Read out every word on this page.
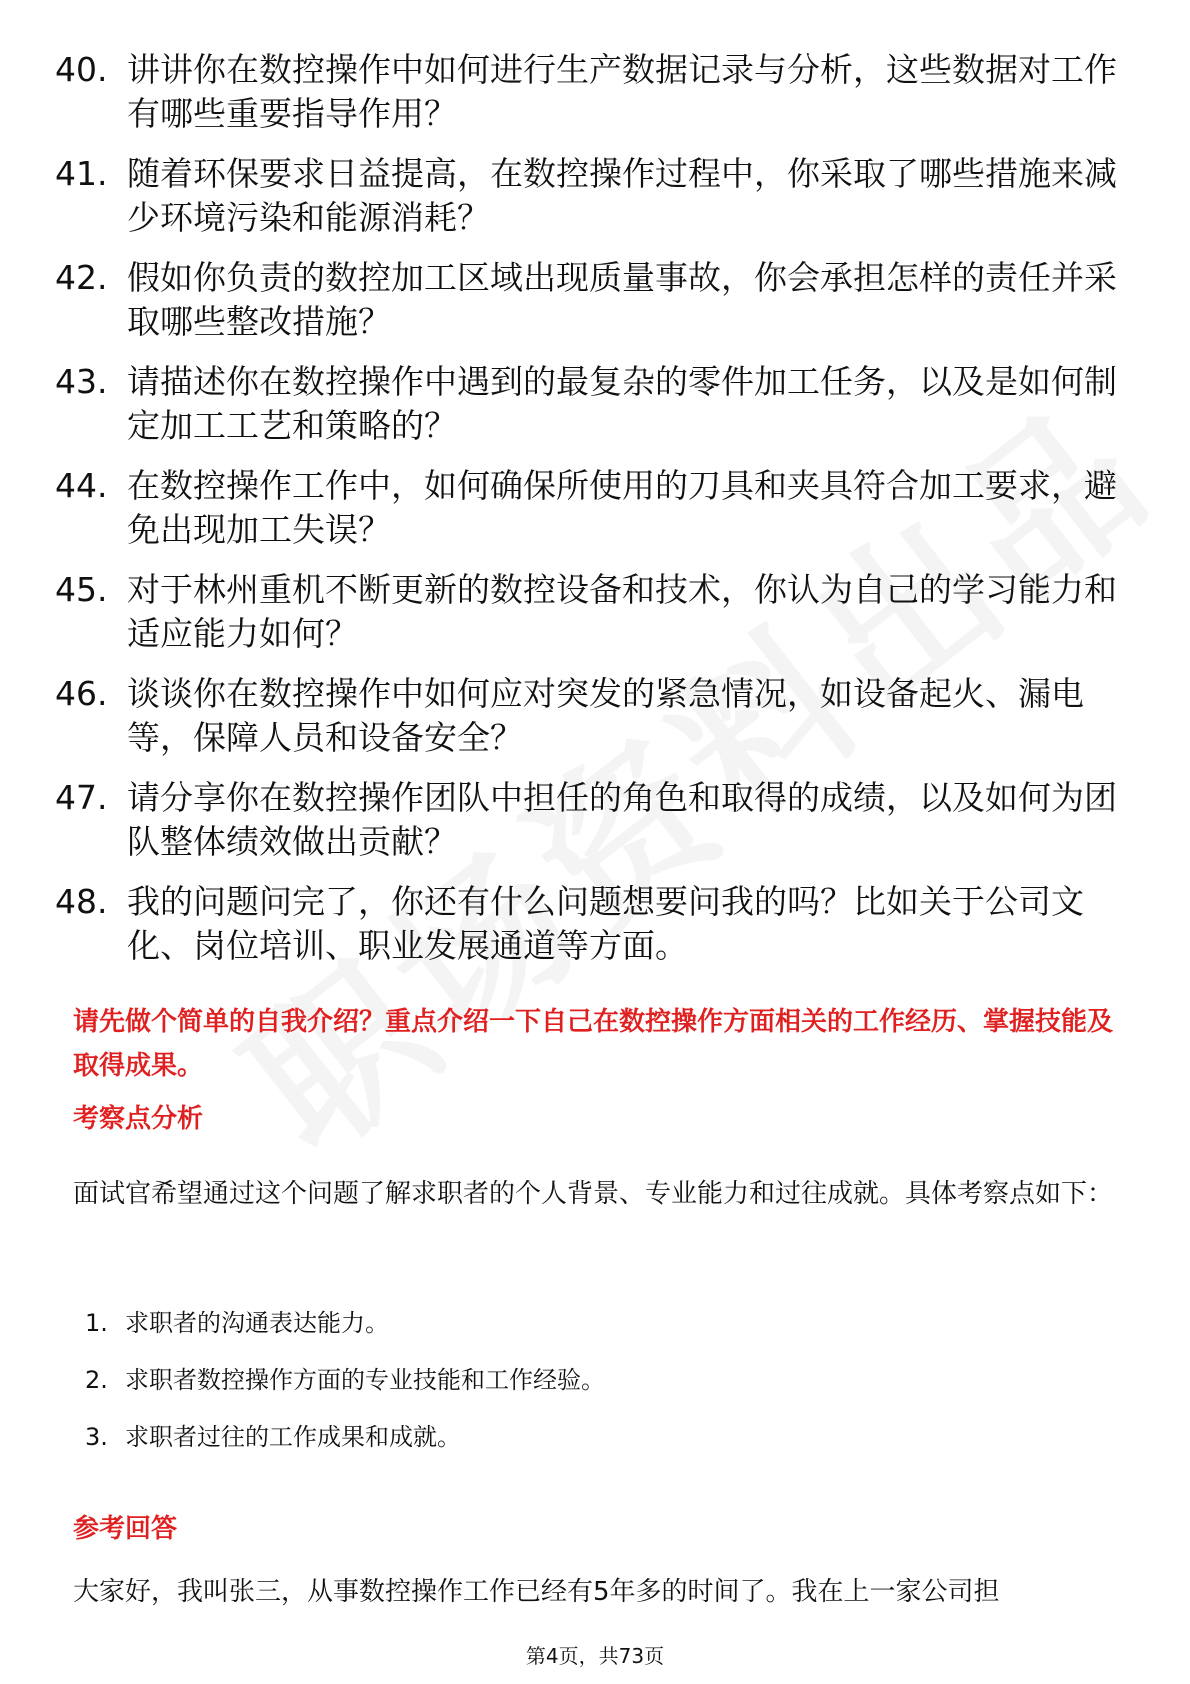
40. 讲讲你在数控操作中如何进行生产数据记录与分析，这些数据对工作有哪些重要指导作用？
41. 随着环保要求日益提高，在数控操作过程中，你采取了哪些措施来减少环境污染和能源消耗？
42. 假如你负责的数控加工区域出现质量事故，你会承担怎样的责任并采取哪些整改措施？
43. 请描述你在数控操作中遇到的最复杂的零件加工任务，以及是如何制定加工工艺和策略的？
44. 在数控操作工作中，如何确保所使用的刀具和夹具符合加工要求，避免出现加工失误？
45. 对于林州重机不断更新的数控设备和技术，你认为自己的学习能力和适应能力如何？
46. 谈谈你在数控操作中如何应对突发的紧急情况，如设备起火、漏电等，保障人员和设备安全？
47. 请分享你在数控操作团队中担任的角色和取得的成绩，以及如何为团队整体绩效做出贡献？
48. 我的问题问完了，你还有什么问题想要问我的吗？比如关于公司文化、岗位培训、职业发展通道等方面。
请先做个简单的自我介绍？重点介绍一下自己在数控操作方面相关的工作经历、掌握技能及取得成果。
考察点分析
面试官希望通过这个问题了解求职者的个人背景、专业能力和过往成就。具体考察点如下：
1. 求职者的沟通表达能力。
2. 求职者数控操作方面的专业技能和工作经验。
3. 求职者过往的工作成果和成就。
参考回答
大家好，我叫张三，从事数控操作工作已经有5年多的时间了。我在上一家公司担
第4页，共73页
